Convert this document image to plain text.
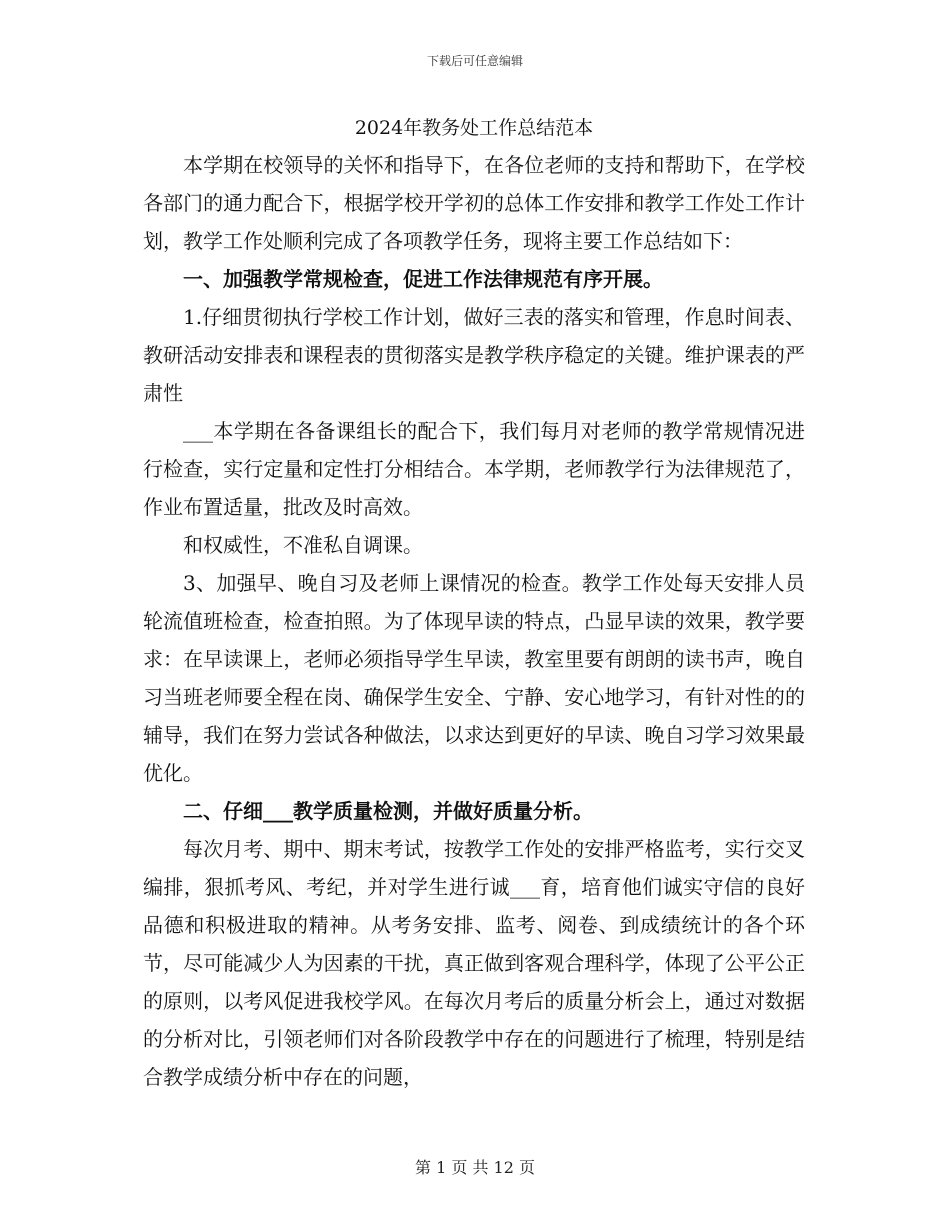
下载后可任意编辑
2024年教务处工作总结范本

本学期在校领导的关怀和指导下，在各位老师的支持和帮助下，在学校各部门的通力配合下，根据学校开学初的总体工作安排和教学工作处工作计划，教学工作处顺利完成了各项教学任务，现将主要工作总结如下：

一、加强教学常规检查，促进工作法律规范有序开展。

1.仔细贯彻执行学校工作计划，做好三表的落实和管理，作息时间表、教研活动安排表和课程表的贯彻落实是教学秩序稳定的关键。维护课表的严肃性

___本学期在各备课组长的配合下，我们每月对老师的教学常规情况进行检查，实行定量和定性打分相结合。本学期，老师教学行为法律规范了，作业布置适量，批改及时高效。

和权威性，不准私自调课。

3、加强早、晚自习及老师上课情况的检查。教学工作处每天安排人员轮流值班检查，检查拍照。为了体现早读的特点，凸显早读的效果，教学要求：在早读课上，老师必须指导学生早读，教室里要有朗朗的读书声，晚自习当班老师要全程在岗、确保学生安全、宁静、安心地学习，有针对性的的辅导，我们在努力尝试各种做法，以求达到更好的早读、晚自习学习效果最优化。

二、仔细___教学质量检测，并做好质量分析。

每次月考、期中、期末考试，按教学工作处的安排严格监考，实行交叉编排，狠抓考风、考纪，并对学生进行诚___育，培育他们诚实守信的良好品德和积极进取的精神。从考务安排、监考、阅卷、到成绩统计的各个环节，尽可能减少人为因素的干扰，真正做到客观合理科学，体现了公平公正的原则，以考风促进我校学风。在每次月考后的质量分析会上，通过对数据的分析对比，引领老师们对各阶段教学中存在的问题进行了梳理，特别是结合教学成绩分析中存在的问题，

第 1 页 共 12 页
